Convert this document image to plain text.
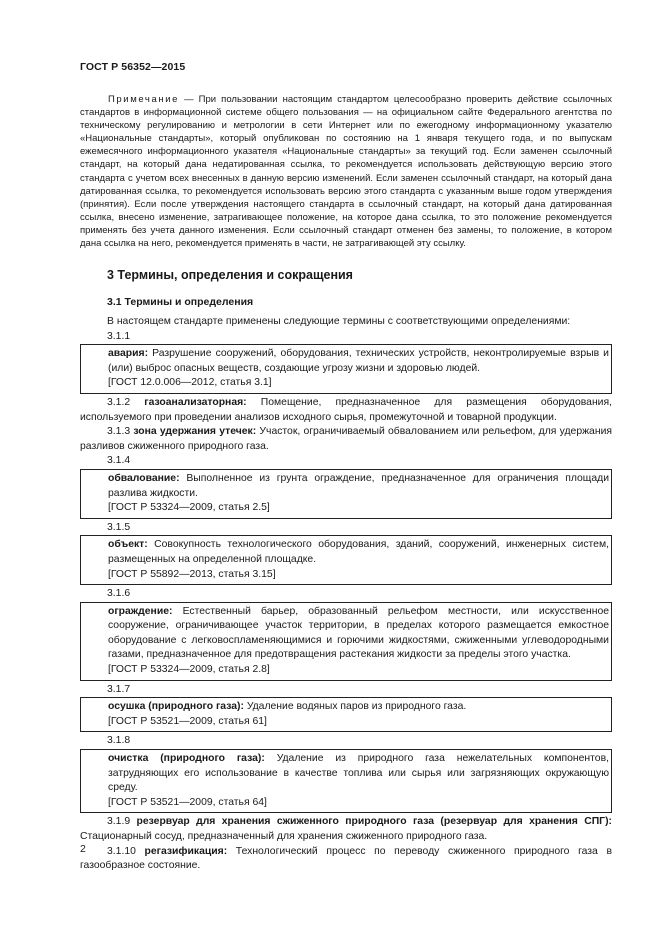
ГОСТ Р 56352—2015
Примечание — При пользовании настоящим стандартом целесообразно проверить действие ссылочных стандартов в информационной системе общего пользования — на официальном сайте Федерального агентства по техническому регулированию и метрологии в сети Интернет или по ежегодному информационному указателю «Национальные стандарты», который опубликован по состоянию на 1 января текущего года, и по выпускам ежемесячного информационного указателя «Национальные стандарты» за текущий год. Если заменен ссылочный стандарт, на который дана недатированная ссылка, то рекомендуется использовать действующую версию этого стандарта с учетом всех внесенных в данную версию изменений. Если заменен ссылочный стандарт, на который дана датированная ссылка, то рекомендуется использовать версию этого стандарта с указанным выше годом утверждения (принятия). Если после утверждения настоящего стандарта в ссылочный стандарт, на который дана датированная ссылка, внесено изменение, затрагивающее положение, на которое дана ссылка, то это положение рекомендуется применять без учета данного изменения. Если ссылочный стандарт отменен без замены, то положение, в котором дана ссылка на него, рекомендуется применять в части, не затрагивающей эту ссылку.
3 Термины, определения и сокращения
3.1 Термины и определения

В настоящем стандарте применены следующие термины с соответствующими определениями:

3.1.1

авария: Разрушение сооружений, оборудования, технических устройств, неконтролируемые взрыв и (или) выброс опасных веществ, создающие угрозу жизни и здоровью людей.
[ГОСТ 12.0.006—2012, статья 3.1]

3.1.2 газоанализаторная: Помещение, предназначенное для размещения оборудования, используемого при проведении анализов исходного сырья, промежуточной и товарной продукции.

3.1.3 зона удержания утечек: Участок, ограничиваемый обвалованием или рельефом, для удержания разливов сжиженного природного газа.

3.1.4

обвалование: Выполненное из грунта ограждение, предназначенное для ограничения площади разлива жидкости.
[ГОСТ Р 53324—2009, статья 2.5]

3.1.5

объект: Совокупность технологического оборудования, зданий, сооружений, инженерных систем, размещенных на определенной площадке.
[ГОСТ Р 55892—2013, статья 3.15]

3.1.6

ограждение: Естественный барьер, образованный рельефом местности, или искусственное сооружение, ограничивающее участок территории, в пределах которого размещается емкостное оборудование с легковоспламеняющимися и горючими жидкостями, сжиженными углеводородными газами, предназначенное для предотвращения растекания жидкости за пределы этого участка.
[ГОСТ Р 53324—2009, статья 2.8]

3.1.7

осушка (природного газа): Удаление водяных паров из природного газа.
[ГОСТ Р 53521—2009, статья 61]

3.1.8

очистка (природного газа): Удаление из природного газа нежелательных компонентов, затрудняющих его использование в качестве топлива или сырья или загрязняющих окружающую среду.
[ГОСТ Р 53521—2009, статья 64]

3.1.9 резервуар для хранения сжиженного природного газа (резервуар для хранения СПГ): Стационарный сосуд, предназначенный для хранения сжиженного природного газа.

3.1.10 регазификация: Технологический процесс по переводу сжиженного природного газа в газообразное состояние.

2
